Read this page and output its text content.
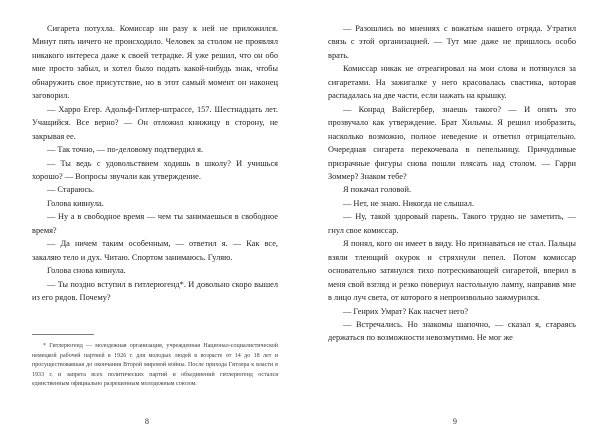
Сигарета потухла. Комиссар ни разу к ней не приложился. Минут пять ничего не происходило. Человек за столом не проявлял никакого интереса даже к своей тетрадке. Я уже решил, что он обо мне просто забыл, и хотел было подать какой-нибудь знак, чтобы обнаружить свое присутствие, но в этот самый момент он наконец заговорил.

— Харро Егер. Адольф-Гитлер-штрассе, 157. Шестнадцать лет. Учащийся. Все верно? — Он отложил книжицу в сторону, не закрывая ее.

— Так точно, — по-деловому подтвердил я.

— Ты ведь с удовольствием ходишь в школу? И учишься хорошо? — Вопросы звучали как утверждение.

— Стараюсь.

Голова кивнула.

— Ну а в свободное время — чем ты занимаешься в свободное время?

— Да ничем таким особенным, — ответил я. — Как все, закаляю тело и дух. Читаю. Спортом занимаюсь. Гуляю.

Голова снова кивнула.

— Ты поздно вступил в гитлерюгенд*. И довольно скоро вышел из его рядов. Почему?

* Гитлерюгенд — молодежная организация, учрежденная Национал-социалистической немецкой рабочей партией в 1926 г. для молодых людей в возрасте от 14 до 18 лет и просуществовавшая до окончания Второй мировой войны. После прихода Гитлера к власти в 1933 г. и запрета всех политических партий и объединений гитлерюгенд остался единственным официально разрешенным молодежным союзом.

8

— Разошлись во мнениях с вожатым нашего отряда. Утратил связь с этой организацией. — Тут мне даже не пришлось особо врать.

Комиссар никак не отреагировал на мои слова и потянулся за сигаретами. На зажигалке у него красовалась свастика, которая распадалась на две части, если нажать на крышку.

— Конрад Вайсгербер, знаешь такого? — И опять это прозвучало как утверждение. Брат Хильмы. Я решил изобразить, насколько возможно, полное неведение и ответил отрицательно. Очередная сигарета перекочевала в пепельницу. Причудливые призрачные фигуры снова пошли плясать над столом. — Гарри Зоммер? Знаком тебе?

Я покачал головой.

— Нет, не знаю. Никогда не слышал.

— Ну, такой здоровый парень. Такого трудно не заметить, — гнул свое комиссар.

Я понял, кого он имеет в виду. Но признаваться не стал. Пальцы взяли тлеющий окурок и стряхнули пепел. Потом комиссар основательно затянулся тихо потрескивающей сигаретой, вперил в меня свой взгляд и резко повернул настольную лампу, направив мне в лицо луч света, от которого я непроизвольно зажмурился.

— Генрих Умрат? Как насчет него?

— Встречались. Но знакомы шапочно, — сказал я, стараясь держаться по возможности невозмутимо. Не мог же

9
